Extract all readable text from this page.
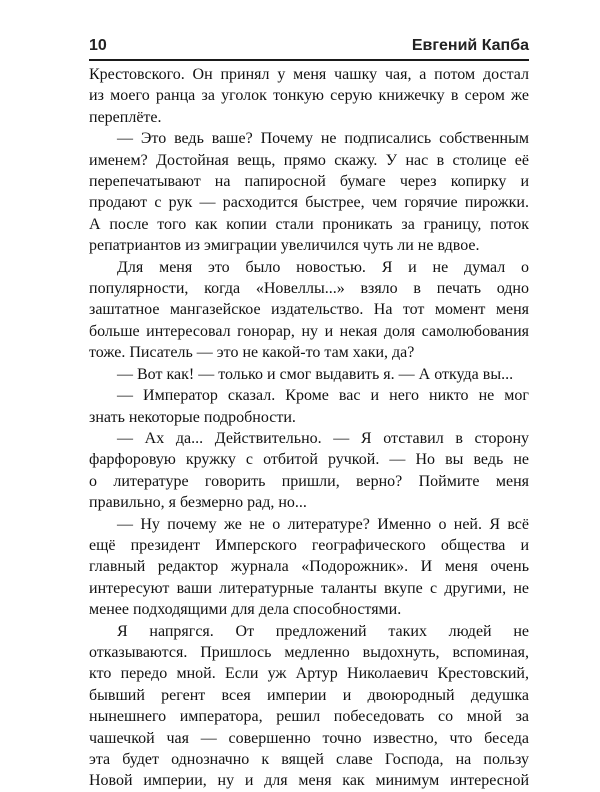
10	Евгений Капба

Крестовского. Он принял у меня чашку чая, а потом достал

из моего ранца за уголок тонкую серую книжечку в сером же

переплёте.

— Это ведь ваше? Почему не подписались собственным

именем? Достойная вещь, прямо скажу. У нас в столице её

перепечатывают на папиросной бумаге через копирку и

продают с рук — расходится быстрее, чем горячие пирожки.

А после того как копии стали проникать за границу, поток

репатриантов из эмиграции увеличился чуть ли не вдвое.

Для меня это было новостью. Я и не думал о

популярности, когда «Новеллы...» взяло в печать одно

заштатное мангазейское издательство. На тот момент меня

больше интересовал гонорар, ну и некая доля самолюбования

тоже. Писатель — это не какой-то там хаки, да?

— Вот как! — только и смог выдавить я. — А откуда вы...

— Император сказал. Кроме вас и него никто не мог

знать некоторые подробности.

— Ах да... Действительно. — Я отставил в сторону

фарфоровую кружку с отбитой ручкой. — Но вы ведь не

о литературе говорить пришли, верно? Поймите меня

правильно, я безмерно рад, но...

— Ну почему же не о литературе? Именно о ней. Я всё

ещё президент Имперского географического общества и

главный редактор журнала «Подорожник». И меня очень

интересуют ваши литературные таланты вкупе с другими, не

менее подходящими для дела способностями.

Я напрягся. От предложений таких людей не

отказываются. Пришлось медленно выдохнуть, вспоминая,

кто передо мной. Если уж Артур Николаевич Крестовский,

бывший регент всея империи и двоюродный дедушка

нынешнего императора, решил побеседовать со мной за

чашечкой чая — совершенно точно известно, что беседа

эта будет однозначно к вящей славе Господа, на пользу

Новой империи, ну и для меня как минимум интересной
